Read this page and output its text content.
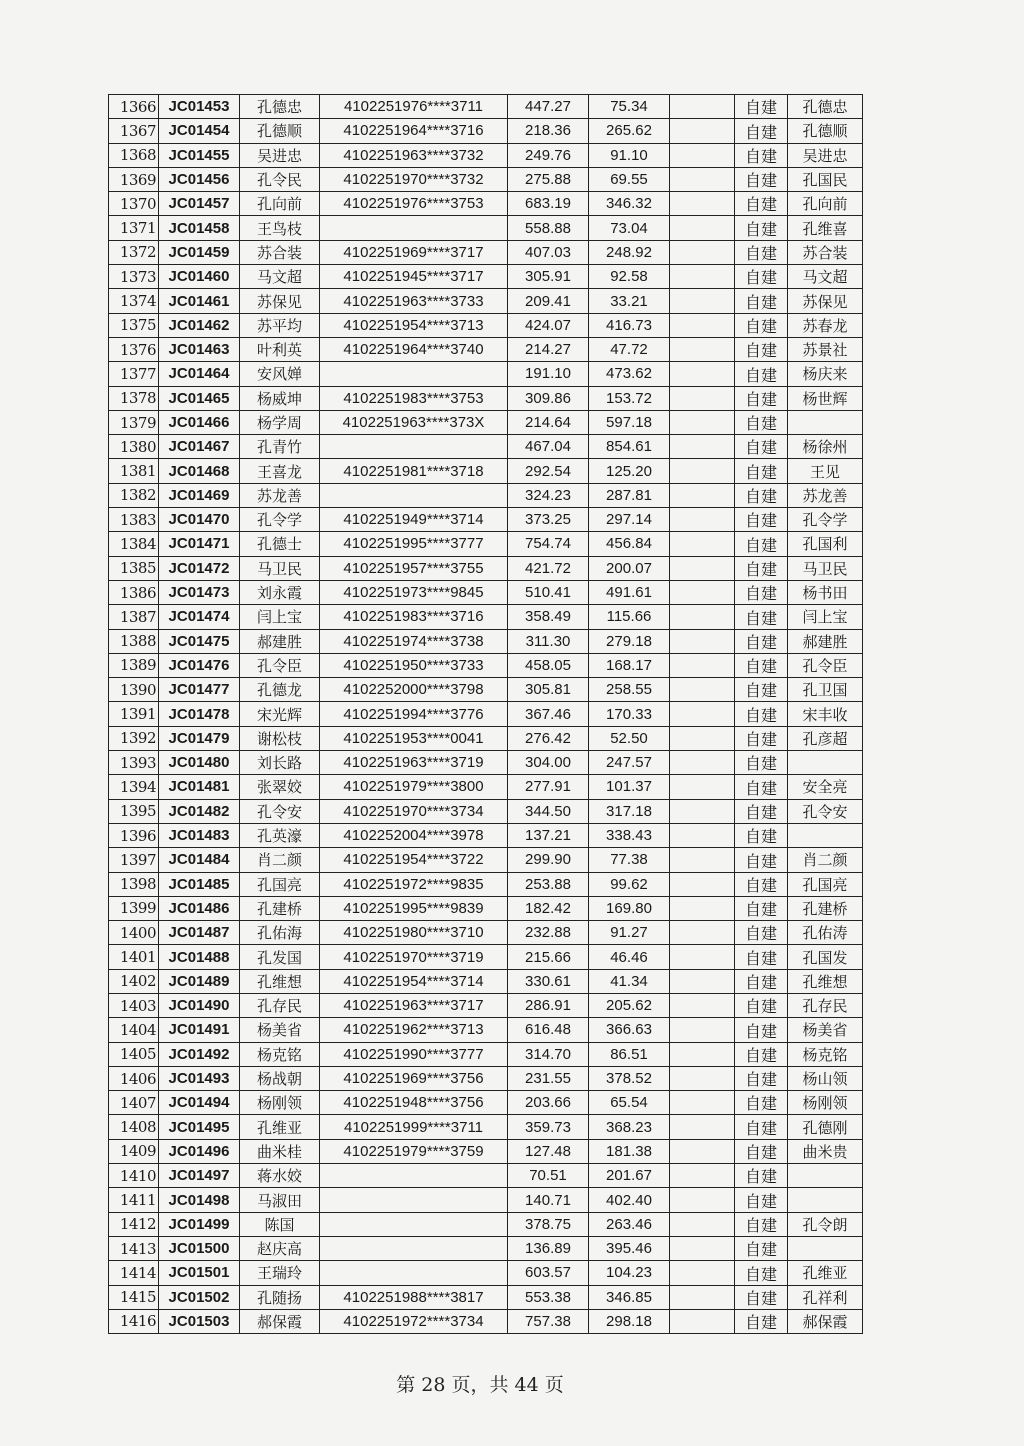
1366	JC01453	孔德忠	4102251976****3711	447.27	75.34		自建	孔德忠
1367	JC01454	孔德顺	4102251964****3716	218.36	265.62		自建	孔德顺
1368	JC01455	吴进忠	4102251963****3732	249.76	91.10		自建	吴进忠
1369	JC01456	孔令民	4102251970****3732	275.88	69.55		自建	孔国民
1370	JC01457	孔向前	4102251976****3753	683.19	346.32		自建	孔向前
1371	JC01458	王鸟枝		558.88	73.04		自建	孔维喜
1372	JC01459	苏合装	4102251969****3717	407.03	248.92		自建	苏合装
1373	JC01460	马文超	4102251945****3717	305.91	92.58		自建	马文超
1374	JC01461	苏保见	4102251963****3733	209.41	33.21		自建	苏保见
1375	JC01462	苏平均	4102251954****3713	424.07	416.73		自建	苏春龙
1376	JC01463	叶利英	4102251964****3740	214.27	47.72		自建	苏景社
1377	JC01464	安风婵		191.10	473.62		自建	杨庆来
1378	JC01465	杨威坤	4102251983****3753	309.86	153.72		自建	杨世辉
1379	JC01466	杨学周	4102251963****373X	214.64	597.18		自建	
1380	JC01467	孔青竹		467.04	854.61		自建	杨徐州
1381	JC01468	王喜龙	4102251981****3718	292.54	125.20		自建	王见
1382	JC01469	苏龙善		324.23	287.81		自建	苏龙善
1383	JC01470	孔令学	4102251949****3714	373.25	297.14		自建	孔令学
1384	JC01471	孔德士	4102251995****3777	754.74	456.84		自建	孔国利
1385	JC01472	马卫民	4102251957****3755	421.72	200.07		自建	马卫民
1386	JC01473	刘永霞	4102251973****9845	510.41	491.61		自建	杨书田
1387	JC01474	闫上宝	4102251983****3716	358.49	115.66		自建	闫上宝
1388	JC01475	郝建胜	4102251974****3738	311.30	279.18		自建	郝建胜
1389	JC01476	孔令臣	4102251950****3733	458.05	168.17		自建	孔令臣
1390	JC01477	孔德龙	4102252000****3798	305.81	258.55		自建	孔卫国
1391	JC01478	宋光辉	4102251994****3776	367.46	170.33		自建	宋丰收
1392	JC01479	谢松枝	4102251953****0041	276.42	52.50		自建	孔彦超
1393	JC01480	刘长路	4102251963****3719	304.00	247.57		自建	
1394	JC01481	张翠姣	4102251979****3800	277.91	101.37		自建	安全亮
1395	JC01482	孔令安	4102251970****3734	344.50	317.18		自建	孔令安
1396	JC01483	孔英濠	4102252004****3978	137.21	338.43		自建	
1397	JC01484	肖二颜	4102251954****3722	299.90	77.38		自建	肖二颜
1398	JC01485	孔国亮	4102251972****9835	253.88	99.62		自建	孔国亮
1399	JC01486	孔建桥	4102251995****9839	182.42	169.80		自建	孔建桥
1400	JC01487	孔佑海	4102251980****3710	232.88	91.27		自建	孔佑涛
1401	JC01488	孔发国	4102251970****3719	215.66	46.46		自建	孔国发
1402	JC01489	孔维想	4102251954****3714	330.61	41.34		自建	孔维想
1403	JC01490	孔存民	4102251963****3717	286.91	205.62		自建	孔存民
1404	JC01491	杨美省	4102251962****3713	616.48	366.63		自建	杨美省
1405	JC01492	杨克铭	4102251990****3777	314.70	86.51		自建	杨克铭
1406	JC01493	杨战朝	4102251969****3756	231.55	378.52		自建	杨山领
1407	JC01494	杨刚领	4102251948****3756	203.66	65.54		自建	杨刚领
1408	JC01495	孔维亚	4102251999****3711	359.73	368.23		自建	孔德刚
1409	JC01496	曲米桂	4102251979****3759	127.48	181.38		自建	曲米贵
1410	JC01497	蒋水姣		70.51	201.67		自建	
1411	JC01498	马淑田		140.71	402.40		自建	
1412	JC01499	陈国		378.75	263.46		自建	孔令朗
1413	JC01500	赵庆高		136.89	395.46		自建	
1414	JC01501	王瑞玲		603.57	104.23		自建	孔维亚
1415	JC01502	孔随扬	4102251988****3817	553.38	346.85		自建	孔祥利
1416	JC01503	郝保霞	4102251972****3734	757.38	298.18		自建	郝保霞
第 28 页，共 44 页
